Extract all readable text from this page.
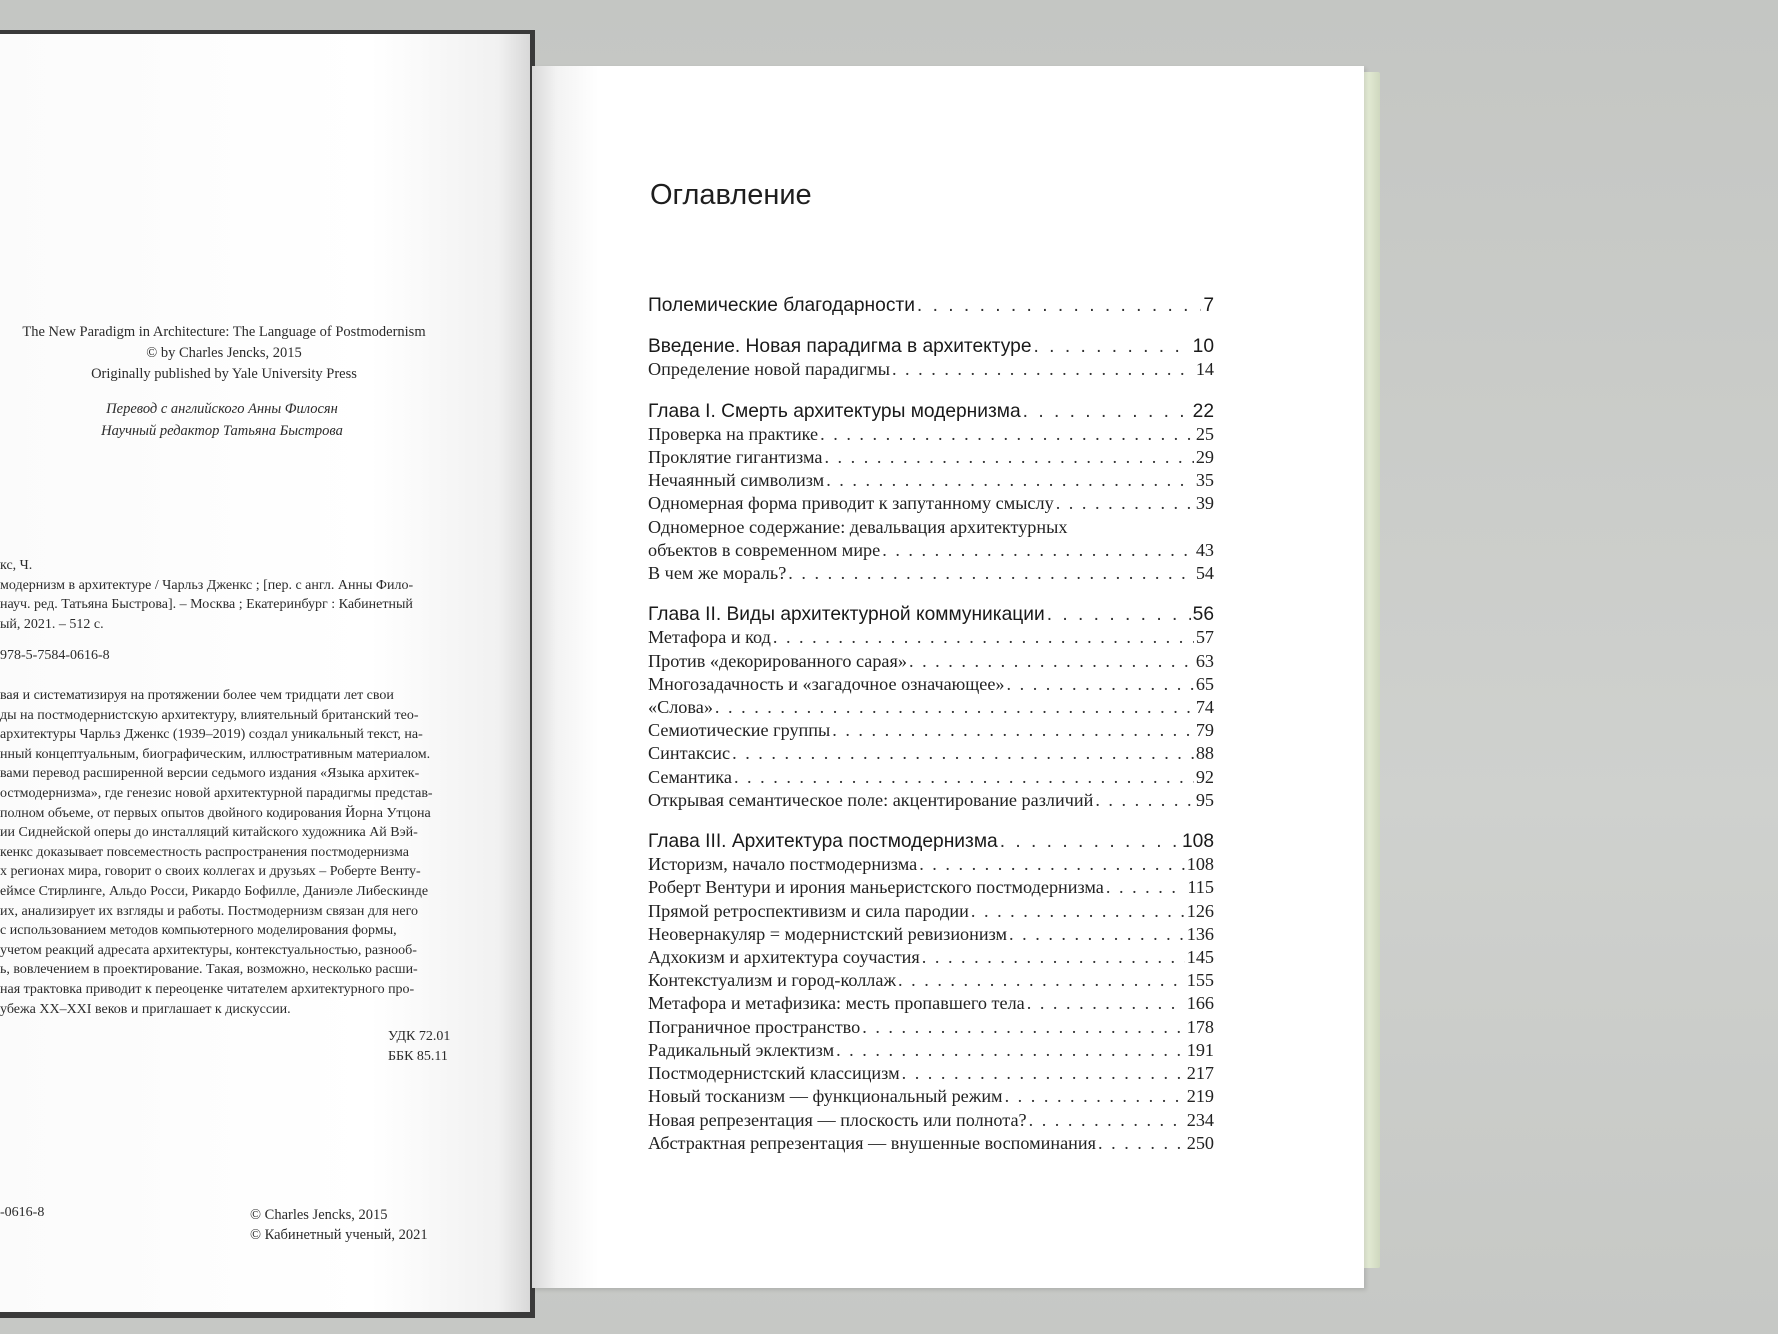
The New Paradigm in Architecture: The Language of Postmodernism
© by Charles Jencks, 2015
Originally published by Yale University Press
Перевод с английского Анны Филосян
Научный редактор Татьяна Быстрова
кс, Ч.
модернизм в архитектуре / Чарльз Дженкс ; [пер. с англ. Анны Фило-
науч. ред. Татьяна Быстрова]. – Москва ; Екатеринбург : Кабинетный
ый, 2021. – 512 с.
978-5-7584-0616-8
вая и систематизируя на протяжении более чем тридцати лет свои
ды на постмодернистскую архитектуру, влиятельный британский тео-
архитектуры Чарльз Дженкс (1939–2019) создал уникальный текст, на-
нный концептуальным, биографическим, иллюстративным материалом.
вами перевод расширенной версии седьмого издания «Языка архитек-
остмодернизма», где генезис новой архитектурной парадигмы представ-
полном объеме, от первых опытов двойного кодирования Йорна Утцона
ии Сиднейской оперы до инсталляций китайского художника Ай Вэй-
кенкс доказывает повсеместность распространения постмодернизма
х регионах мира, говорит о своих коллегах и друзьях – Роберте Венту-
еймсе Стирлинге, Альдо Росси, Рикардо Бофилле, Даниэле Либескинде
их, анализирует их взгляды и работы. Постмодернизм связан для него
с использованием методов компьютерного моделирования формы,
учетом реакций адресата архитектуры, контекстуальностью, разнооб-
ь, вовлечением в проектирование. Такая, возможно, несколько расши-
ная трактовка приводит к переоценке читателем архитектурного про-
убежа XX–XXI веков и приглашает к дискуссии.
УДК 72.01
ББК 85.11
-0616-8	© Charles Jencks, 2015
© Кабинетный ученый, 2021
Оглавление
Полемические благодарности . . .	7
Введение. Новая парадигма в архитектуре . . .	10
Определение новой парадигмы . . .	14
Глава I. Смерть архитектуры модернизма . . .	22
Проверка на практике . . .	25
Проклятие гигантизма . . .	29
Нечаянный символизм . . .	35
Одномерная форма приводит к запутанному смыслу . . .	39
Одномерное содержание: девальвация архитектурных
объектов в современном мире . . .	43
В чем же мораль? . . .	54
Глава II. Виды архитектурной коммуникации . . .	56
Метафора и код . . .	57
Против «декорированного сарая» . . .	63
Многозадачность и «загадочное означающее» . . .	65
«Слова» . . .	74
Семиотические группы . . .	79
Синтаксис . . .	88
Семантика . . .	92
Открывая семантическое поле: акцентирование различий . . .	95
Глава III. Архитектура постмодернизма . . .	108
Историзм, начало постмодернизма . . .	108
Роберт Вентури и ирония маньеристского постмодернизма . . .	115
Прямой ретроспективизм и сила пародии . . .	126
Неовернакуляр = модернистский ревизионизм . . .	136
Адхокизм и архитектура соучастия . . .	145
Контекстуализм и город-коллаж . . .	155
Метафора и метафизика: месть пропавшего тела . . .	166
Пограничное пространство . . .	178
Радикальный эклектизм . . .	191
Постмодернистский классицизм . . .	217
Новый тосканизм — функциональный режим . . .	219
Новая репрезентация — плоскость или полнота? . . .	234
Абстрактная репрезентация — внушенные воспоминания . . .	250
